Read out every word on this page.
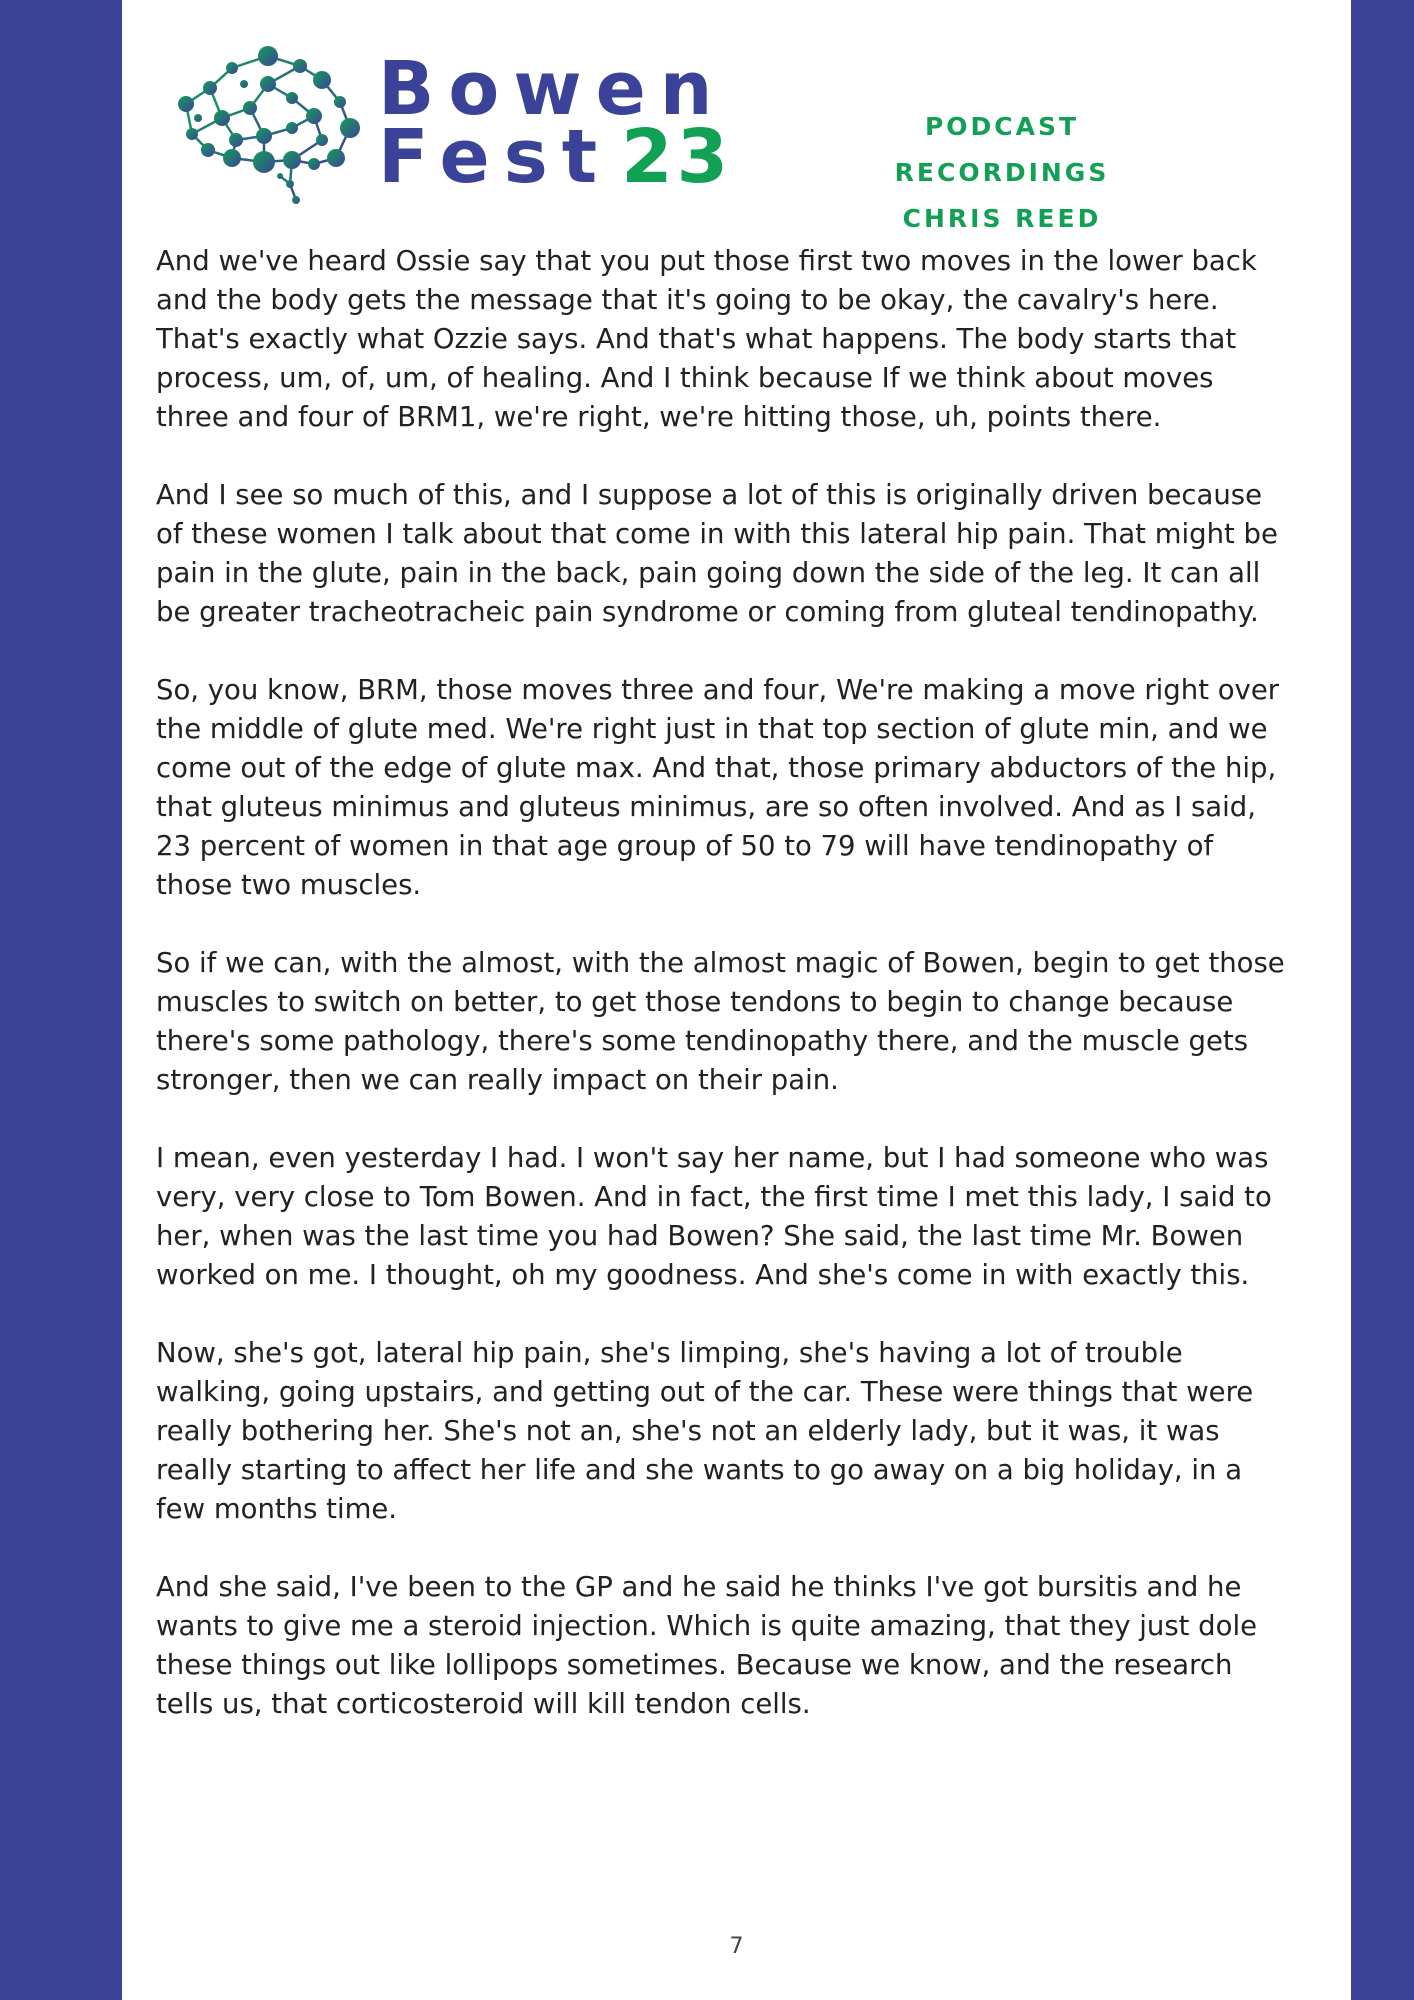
Bowen
Fest 23	PODCAST RECORDINGS
CHRIS REED

And we've heard Ossie say that you put those first two moves in the lower back and the body gets the message that it's going to be okay, the cavalry's here. That's exactly what Ozzie says. And that's what happens. The body starts that process, um, of, um, of healing. And I think because If we think about moves three and four of BRM1, we're right, we're hitting those, uh, points there.

And I see so much of this, and I suppose a lot of this is originally driven because of these women I talk about that come in with this lateral hip pain. That might be pain in the glute, pain in the back, pain going down the side of the leg. It can all be greater tracheotracheic pain syndrome or coming from gluteal tendinopathy.

So, you know, BRM, those moves three and four, We're making a move right over the middle of glute med. We're right just in that top section of glute min, and we come out of the edge of glute max. And that, those primary abductors of the hip, that gluteus minimus and gluteus minimus, are so often involved. And as I said, 23 percent of women in that age group of 50 to 79 will have tendinopathy of those two muscles.

So if we can, with the almost, with the almost magic of Bowen, begin to get those muscles to switch on better, to get those tendons to begin to change because there's some pathology, there's some tendinopathy there, and the muscle gets stronger, then we can really impact on their pain.

I mean, even yesterday I had. I won't say her name, but I had someone who was very, very close to Tom Bowen. And in fact, the first time I met this lady, I said to her, when was the last time you had Bowen? She said, the last time Mr. Bowen worked on me. I thought, oh my goodness. And she's come in with exactly this.

Now, she's got, lateral hip pain, she's limping, she's having a lot of trouble walking, going upstairs, and getting out of the car. These were things that were really bothering her. She's not an, she's not an elderly lady, but it was, it was really starting to affect her life and she wants to go away on a big holiday, in a few months time.

And she said, I've been to the GP and he said he thinks I've got bursitis and he wants to give me a steroid injection. Which is quite amazing, that they just dole these things out like lollipops sometimes. Because we know, and the research tells us, that corticosteroid will kill tendon cells.

7
